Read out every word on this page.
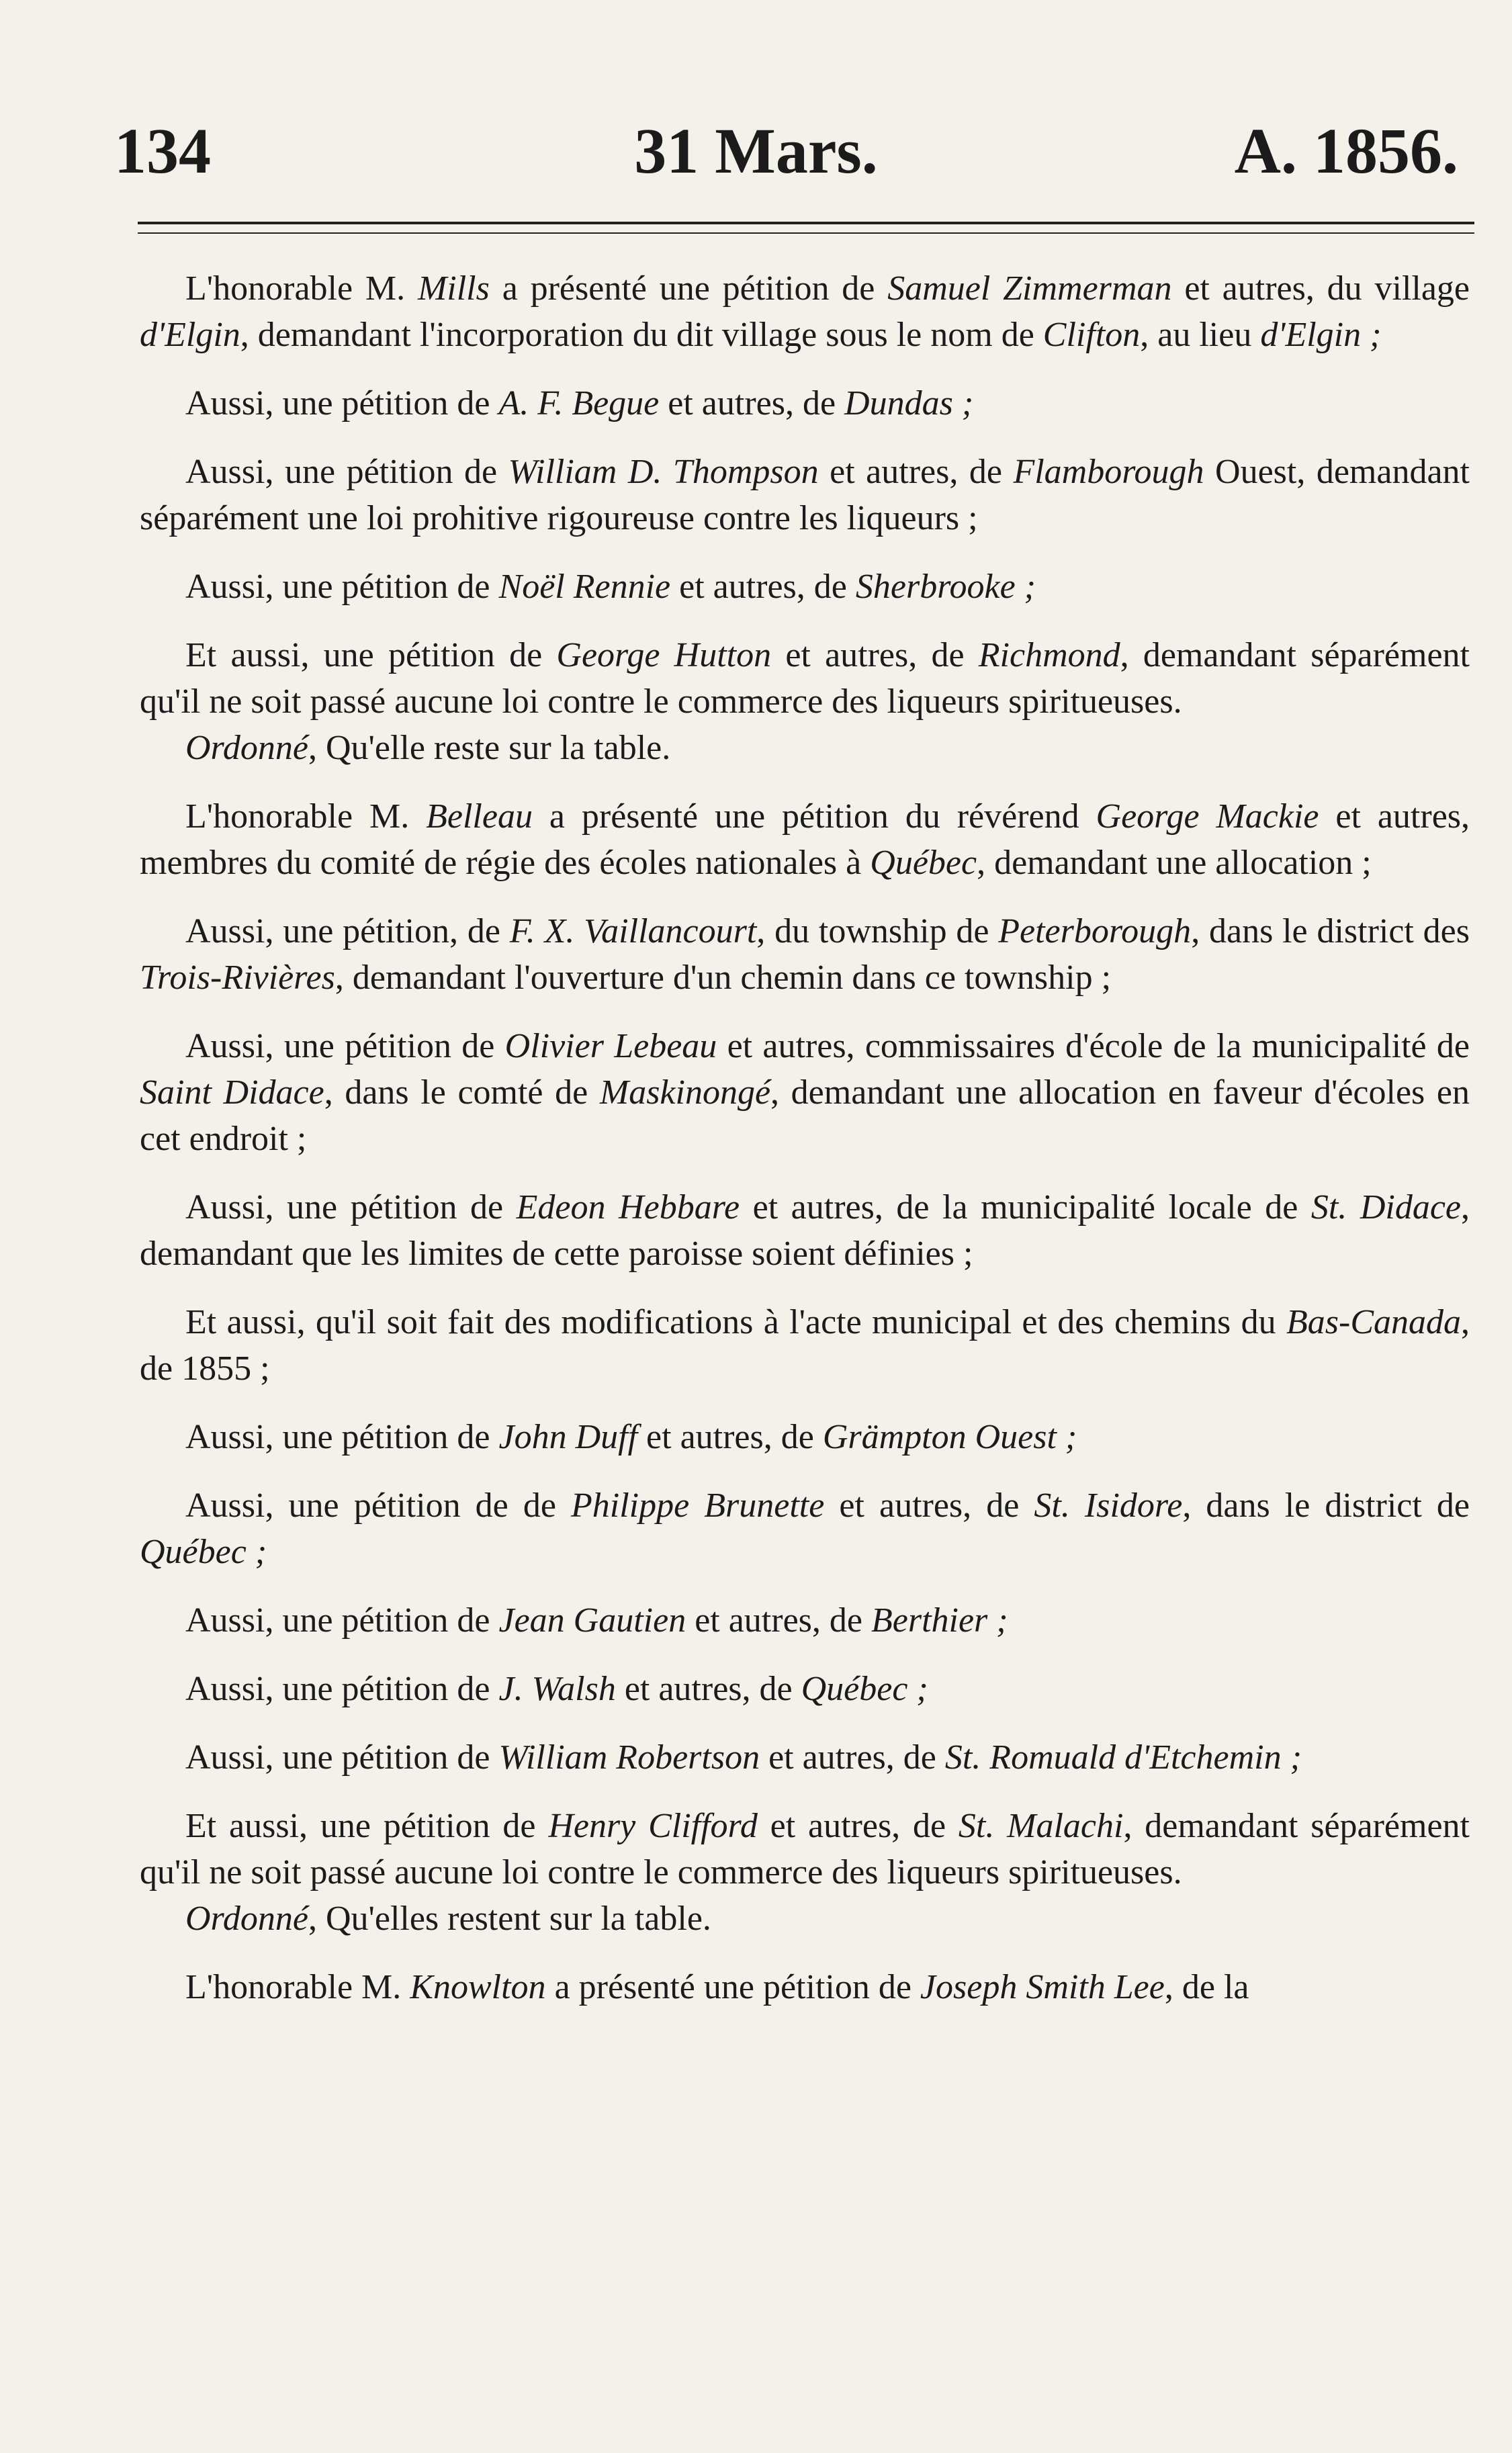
134	31 Mars.	A. 1856.

L'honorable M. Mills a présenté une pétition de Samuel Zimmerman et autres, du village d'Elgin, demandant l'incorporation du dit village sous le nom de Clifton, au lieu d'Elgin ;

Aussi, une pétition de A. F. Begue et autres, de Dundas ;

Aussi, une pétition de William D. Thompson et autres, de Flamborough Ouest, demandant séparément une loi prohitive rigoureuse contre les liqueurs ;

Aussi, une pétition de Noël Rennie et autres, de Sherbrooke ;

Et aussi, une pétition de George Hutton et autres, de Richmond, demandant séparément qu'il ne soit passé aucune loi contre le commerce des liqueurs spiritueuses.

Ordonné, Qu'elle reste sur la table.

L'honorable M. Belleau a présenté une pétition du révérend George Mackie et autres, membres du comité de régie des écoles nationales à Québec, demandant une allocation ;

Aussi, une pétition, de F. X. Vaillancourt, du township de Peterborough, dans le district des Trois-Rivières, demandant l'ouverture d'un chemin dans ce township ;

Aussi, une pétition de Olivier Lebeau et autres, commissaires d'école de la municipalité de Saint Didace, dans le comté de Maskinongé, demandant une allocation en faveur d'écoles en cet endroit ;

Aussi, une pétition de Edeon Hebbare et autres, de la municipalité locale de St. Didace, demandant que les limites de cette paroisse soient définies ;

Et aussi, qu'il soit fait des modifications à l'acte municipal et des chemins du Bas-Canada, de 1855 ;

Aussi, une pétition de John Duff et autres, de Grämpton Ouest ;

Aussi, une pétition de de Philippe Brunette et autres, de St. Isidore, dans le district de Québec ;

Aussi, une pétition de Jean Gautien et autres, de Berthier ;

Aussi, une pétition de J. Walsh et autres, de Québec ;

Aussi, une pétition de William Robertson et autres, de St. Romuald d'Etchemin ;

Et aussi, une pétition de Henry Clifford et autres, de St. Malachi, demandant séparément qu'il ne soit passé aucune loi contre le commerce des liqueurs spiritueuses.

Ordonné, Qu'elles restent sur la table.

L'honorable M. Knowlton a présenté une pétition de Joseph Smith Lee, de la
